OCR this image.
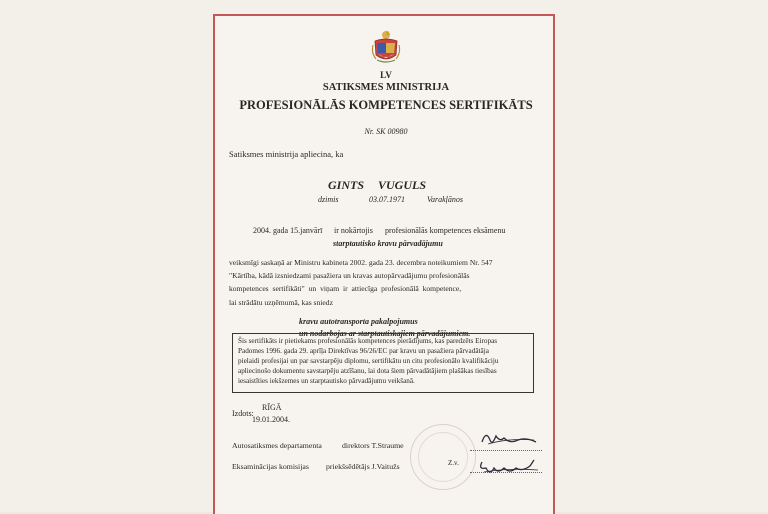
LV
SATIKSMES MINISTRIJA
PROFESIONĀLĀS KOMPETENCES SERTIFIKĀTS
Nr. SK 00980
Satiksmes ministrija apliecina, ka
GINTS VUGULS
dzimis	03.07.1971	Varakļānos
2004. gada 15.janvārī ir nokārtojis profesionālās kompetences eksāmenu
starptautisko kravu pārvadājumu
veiksmīgi saskaņā ar Ministru kabineta 2002. gada 23. decembra noteikumiem Nr. 547
"Kārtība, kādā izsniedzami pasažiera un kravas autopārvadājumu profesionālās
kompetences sertifikāti" un viņam ir attiecīga profesionālā kompetence,
lai strādātu uzņēmumā, kas sniedz
kravu autotransporta pakalpojumus
un nodarbojas ar starptautiskajiem pārvadājumiem.
Šis sertifikāts ir pietiekams profesionālās kompetences pierādījums, kas paredzēts Eiropas
Padomes 1996. gada 29. aprīļa Direktīvas 96/26/EC par kravu un pasažiera pārvadātāja
pielaidi profesijai un par savstarpēju diplomu, sertifikātu un citu profesionālo kvalifikāciju
apliecinošo dokumentu savstarpēju atzīšanu, lai dota šiem pārvadātājiem plašākas tiesības
iesaistīties iekšzemes un starptautisko pārvadājumu veikšanā.
Izdots:
RĪGĀ
19.01.2004.
Autosatiksmes departamenta	direktors T.Straume
Eksaminācijas komisijas priekšsēdētājs J.Vaitužs	Z.v.
